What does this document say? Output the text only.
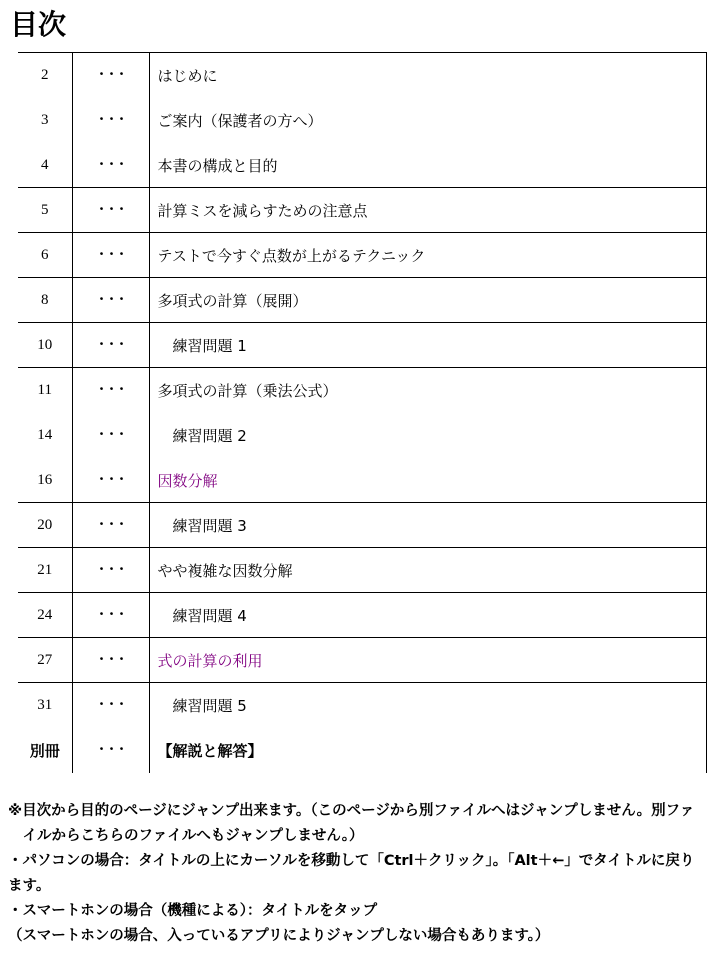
目次
2	・・・	はじめに
3	・・・	ご案内（保護者の方へ）
4	・・・	本書の構成と目的
5	・・・	計算ミスを減らすための注意点
6	・・・	テストで今すぐ点数が上がるテクニック
8	・・・	多項式の計算（展開）
10	・・・	練習問題 1
11	・・・	多項式の計算（乗法公式）
14	・・・	練習問題 2
16	・・・	因数分解
20	・・・	練習問題 3
21	・・・	やや複雑な因数分解
24	・・・	練習問題 4
27	・・・	式の計算の利用
31	・・・	練習問題 5
別冊	・・・	【解説と解答】

※目次から目的のページにジャンプ出来ます。（このページから別ファイルへはジャンプしません。別ファイルからこちらのファイルへもジャンプしません。）

・パソコンの場合：タイトルの上にカーソルを移動して「Ctrl＋クリック」。「Alt＋←」でタイトルに戻ります。

・スマートホンの場合（機種による）：タイトルをタップ

（スマートホンの場合、入っているアプリによりジャンプしない場合もあります。）
